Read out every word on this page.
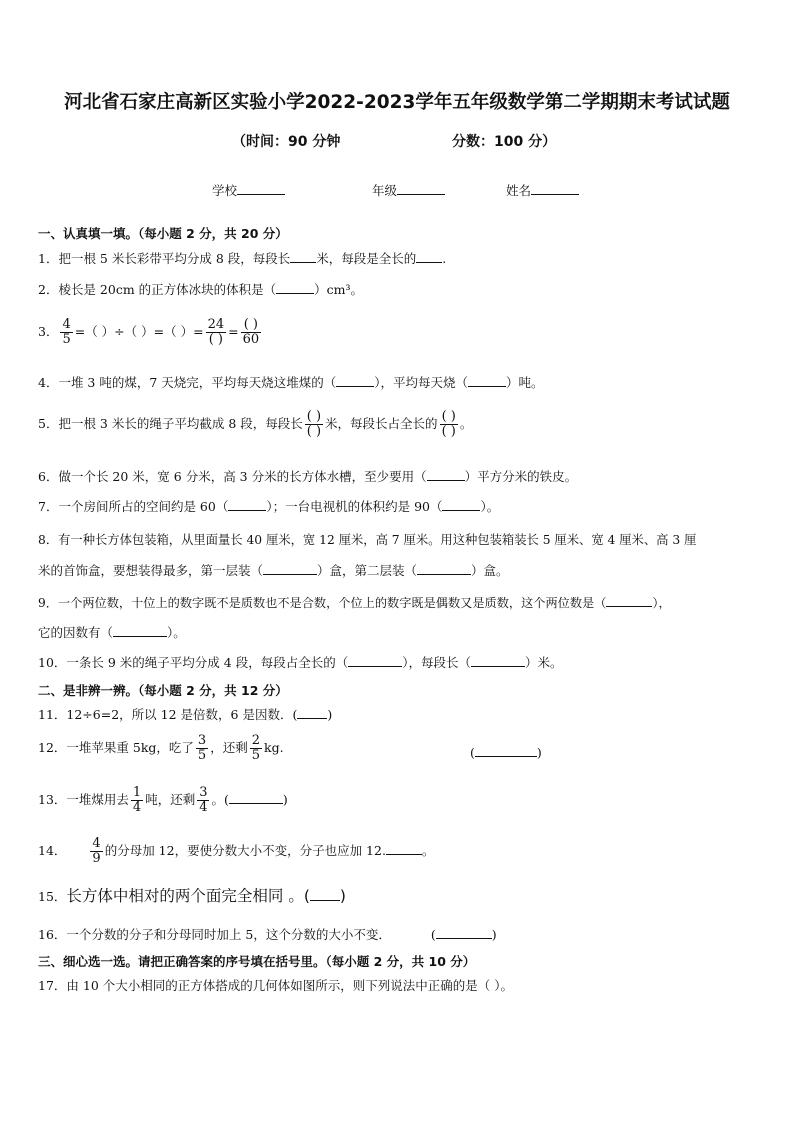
河北省石家庄高新区实验小学2022-2023学年五年级数学第二学期期末考试试题
（时间：90 分钟	分数：100 分）
学校	年级	姓名
一、认真填一填。（每小题 2 分，共 20 分）
1．把一根 5 米长彩带平均分成 8 段，每段长 米，每段是全长的 .
2．棱长是 20cm 的正方体冰块的体积是（	）cm³。
3． $\frac{4}{5}$ =（ ）÷（ ）=（ ）= $\frac{24}{( )} = \frac{( )}{60}$
4．一堆 3 吨的煤，7 天烧完，平均每天烧这堆煤的（	），平均每天烧（	）吨。
5．把一根 3 米长的绳子平均截成 8 段，每段长 $\frac{( )}{( )}$ 米，每段长占全长的 $\frac{( )}{( )}$ 。
6．做一个长 20 米，宽 6 分米，高 3 分米的长方体水槽，至少要用（	）平方分米的铁皮。
7．一个房间所占的空间约是 60（	）；一台电视机的体积约是 90（	）。
8．有一种长方体包装箱，从里面量长 40 厘米，宽 12 厘米，高 7 厘米。用这种包装箱装长 5 厘米、宽 4 厘米、高 3 厘
米的首饰盒，要想装得最多，第一层装（	）盒，第二层装（	）盒。
9．一个两位数，十位上的数字既不是质数也不是合数，个位上的数字既是偶数又是质数，这个两位数是（	），
它的因数有（	）。
10．一条长 9 米的绳子平均分成 4 段，每段占全长的（	），每段长（	）米。
二、是非辨一辨。（每小题 2 分，共 12 分）
11．12÷6=2，所以 12 是倍数，6 是因数．( )
12．一堆苹果重 5kg，吃了 $\frac{3}{5}$ ，还剩 $\frac{2}{5}$ kg.	(	)
13．一堆煤用去 $\frac{1}{4}$ 吨，还剩 $\frac{3}{4}$ 。(	)
14． $\frac{4}{9}$ 的分母加 12，要使分数大小不变，分子也应加 12.	。
15．长方体中相对的两个面完全相同 。( )
16．一个分数的分子和分母同时加上 5，这个分数的大小不变．	(	)
三、细心选一选。请把正确答案的序号填在括号里。（每小题 2 分，共 10 分）
17．由 10 个大小相同的正方体搭成的几何体如图所示，则下列说法中正确的是（ ）。
